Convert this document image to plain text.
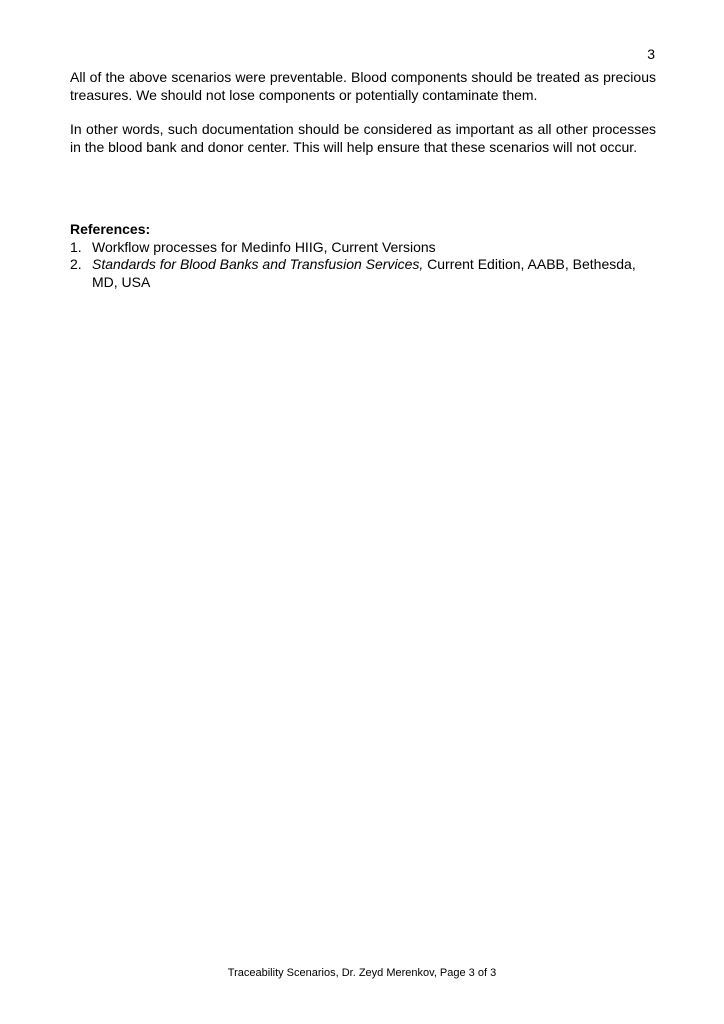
3

All of the above scenarios were preventable. Blood components should be treated as precious treasures. We should not lose components or potentially contaminate them.

In other words, such documentation should be considered as important as all other processes in the blood bank and donor center. This will help ensure that these scenarios will not occur.

References:

1. Workflow processes for Medinfo HIIG, Current Versions
2. Standards for Blood Banks and Transfusion Services, Current Edition, AABB, Bethesda, MD, USA
Traceability Scenarios, Dr. Zeyd Merenkov, Page 3 of 3
